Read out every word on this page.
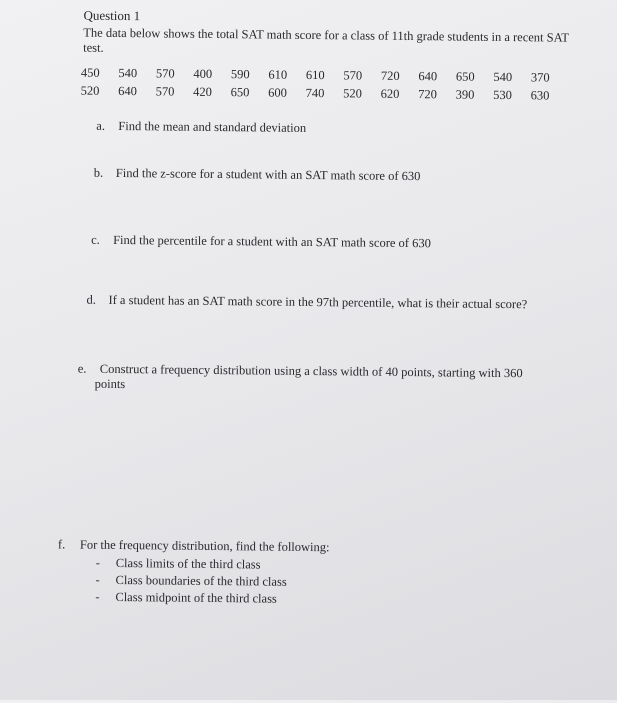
Question 1
The data below shows the total SAT math score for a class of 11th grade students in a recent SAT test.
450	540	570	400	590	610	610	570	720	640	650	540	370
520	640	570	420	650	600	740	520	620	720	390	530	630
a. Find the mean and standard deviation
b. Find the z-score for a student with an SAT math score of 630
c. Find the percentile for a student with an SAT math score of 630
d. If a student has an SAT math score in the 97th percentile, what is their actual score?
e. Construct a frequency distribution using a class width of 40 points, starting with 360
points
f. For the frequency distribution, find the following:
-	Class limits of the third class
-	Class boundaries of the third class
-	Class midpoint of the third class
